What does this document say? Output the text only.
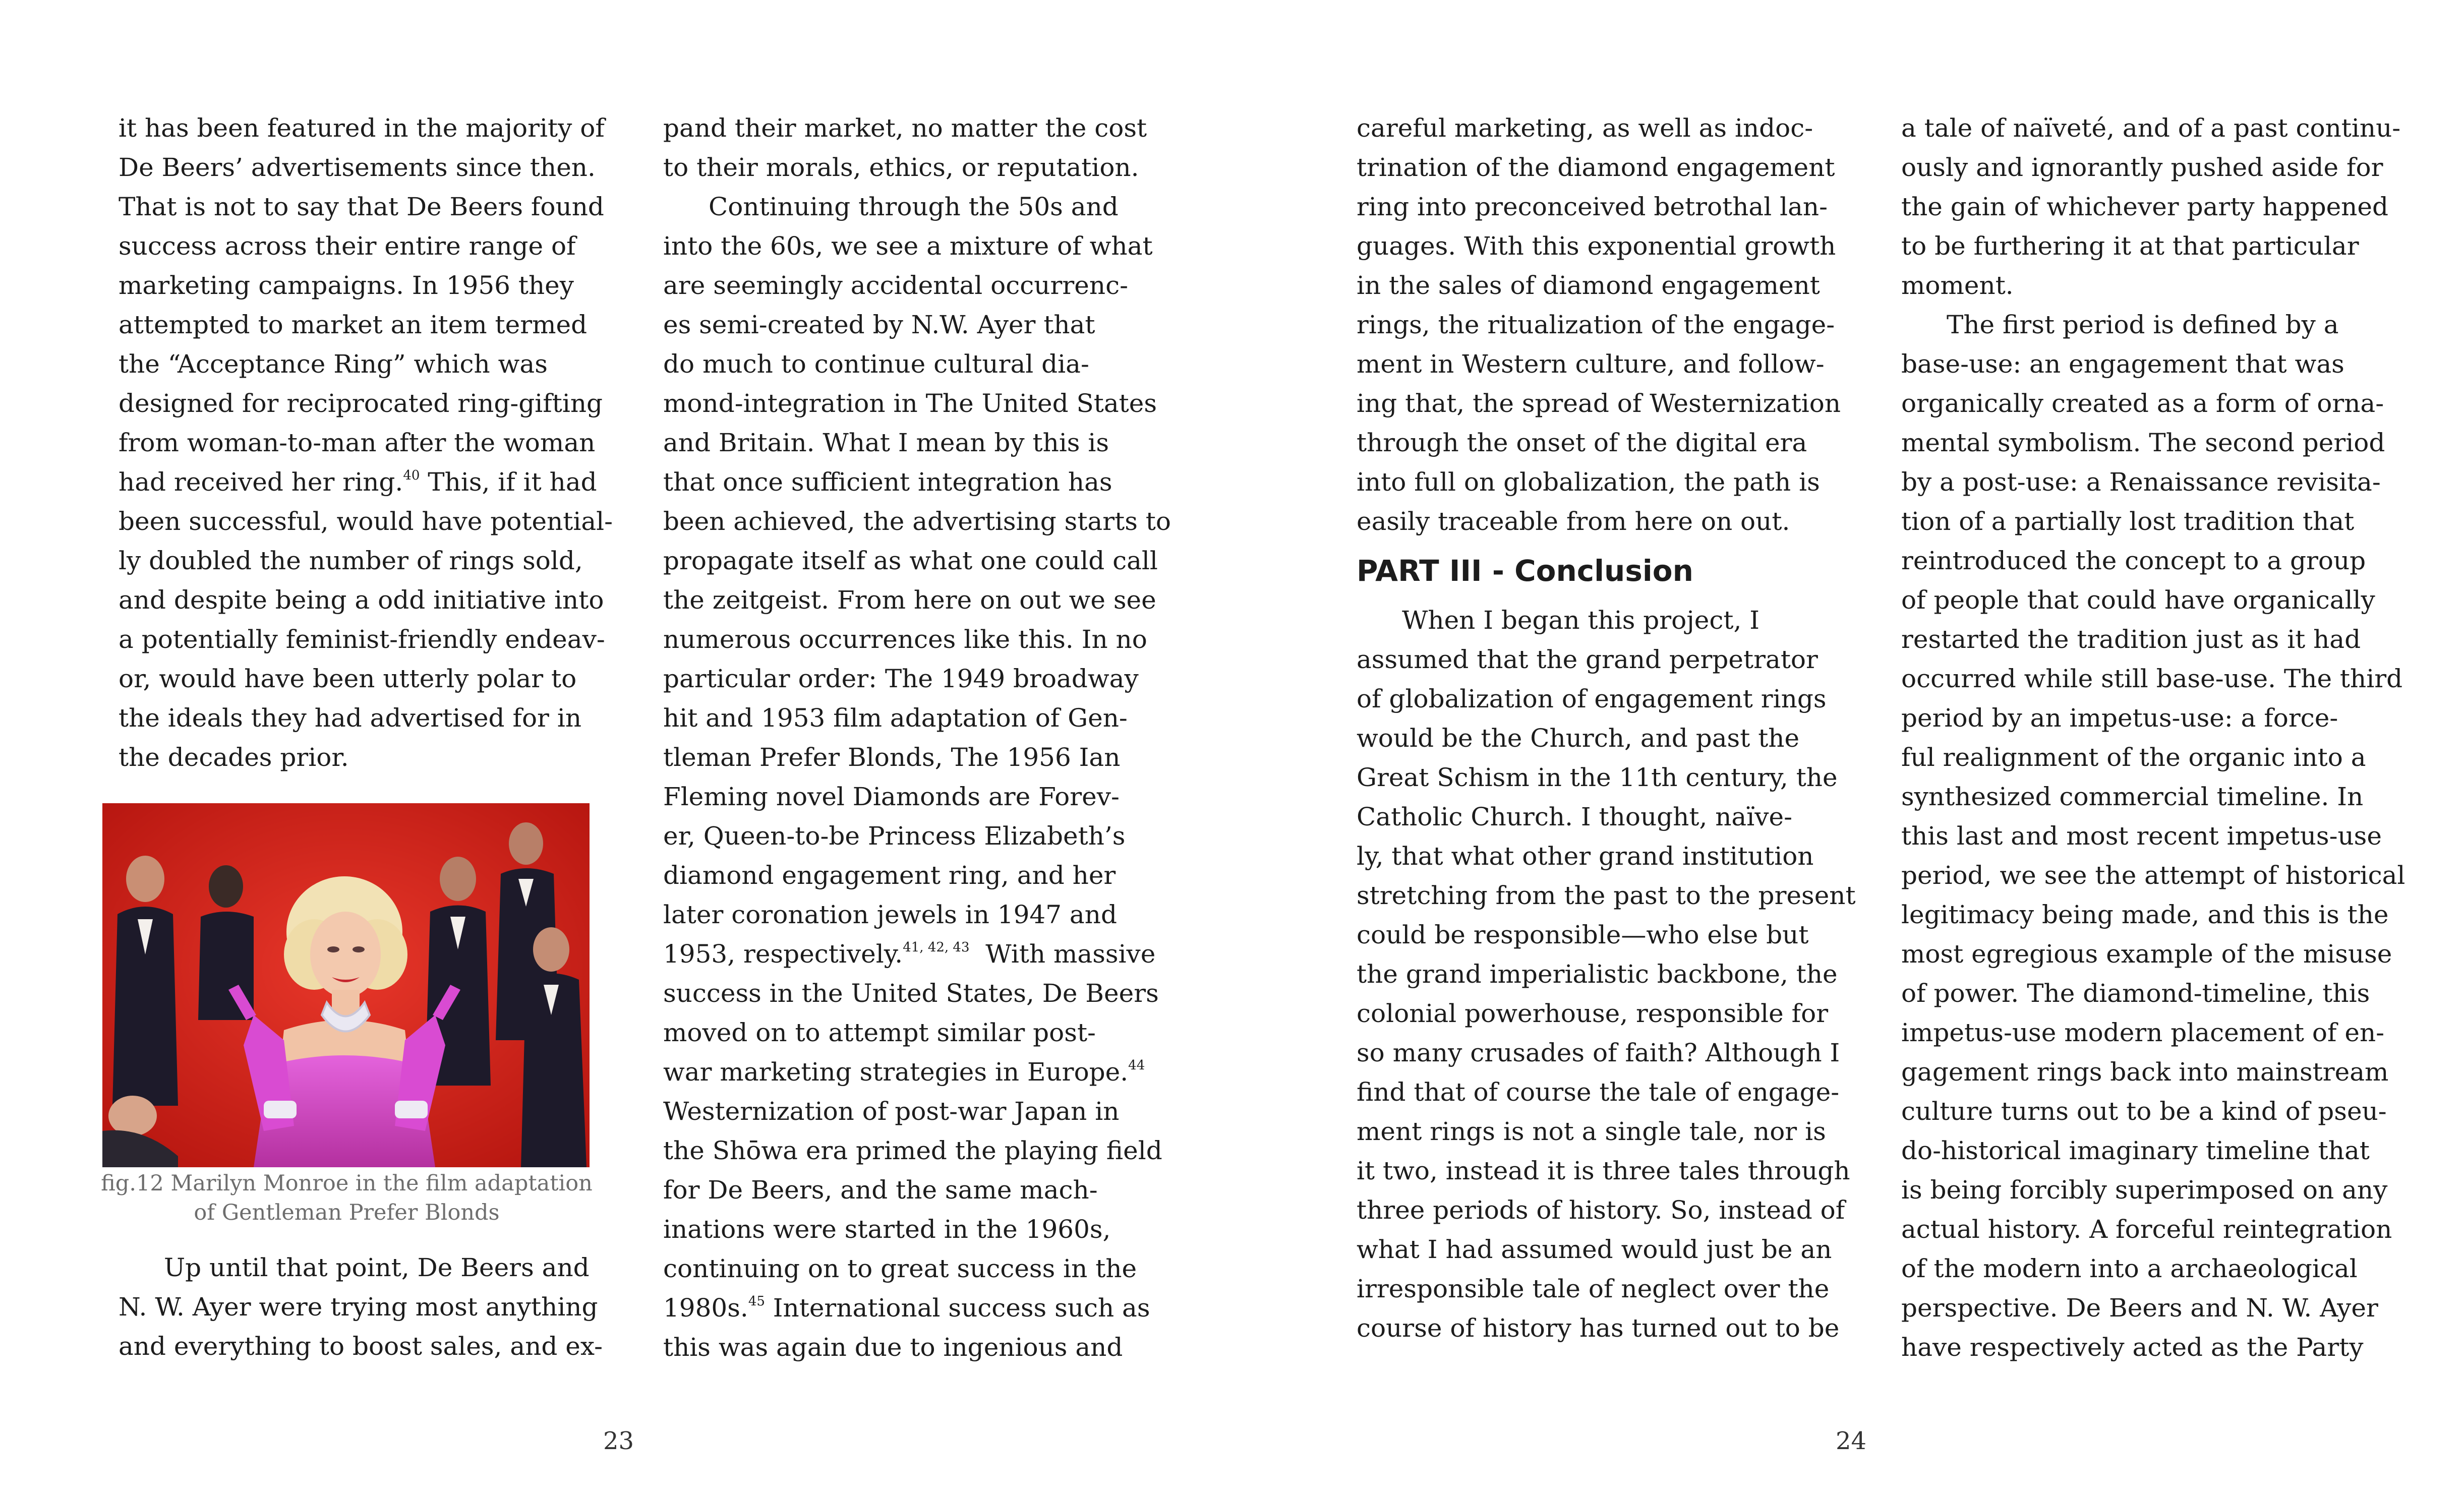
it has been featured in the majority of
De Beers’ advertisements since then.
That is not to say that De Beers found
success across their entire range of
marketing campaigns. In 1956 they
attempted to market an item termed
the “Acceptance Ring” which was
designed for reciprocated ring-gifting
from woman-to-man after the woman
had received her ring.$^{40}$ This, if it had
been successful, would have potential-
ly doubled the number of rings sold,
and despite being a odd initiative into
a potentially feminist-friendly endeav-
or, would have been utterly polar to
the ideals they had advertised for in
the decades prior.

fig.12 Marilyn Monroe in the film adaptation
of Gentleman Prefer Blonds

Up until that point, De Beers and
N. W. Ayer were trying most anything
and everything to boost sales, and ex-

pand their market, no matter the cost
to their morals, ethics, or reputation.

Continuing through the 50s and
into the 60s, we see a mixture of what
are seemingly accidental occurrenc-
es semi-created by N.W. Ayer that
do much to continue cultural dia-
mond-integration in The United States
and Britain. What I mean by this is
that once sufficient integration has
been achieved, the advertising starts to
propagate itself as what one could call
the zeitgeist. From here on out we see
numerous occurrences like this. In no
particular order: The 1949 broadway
hit and 1953 film adaptation of Gen-
tleman Prefer Blonds, The 1956 Ian
Fleming novel Diamonds are Forev-
er, Queen-to-be Princess Elizabeth’s
diamond engagement ring, and her
later coronation jewels in 1947 and
1953, respectively.$^{41, 42, 43}$  With massive
success in the United States, De Beers
moved on to attempt similar post-
war marketing strategies in Europe.$^{44}$
Westernization of post-war Japan in
the Shōwa era primed the playing field
for De Beers, and the same mach-
inations were started in the 1960s,
continuing on to great success in the
1980s.$^{45}$ International success such as
this was again due to ingenious and

careful marketing, as well as indoc-
trination of the diamond engagement
ring into preconceived betrothal lan-
guages. With this exponential growth
in the sales of diamond engagement
rings, the ritualization of the engage-
ment in Western culture, and follow-
ing that, the spread of Westernization
through the onset of the digital era
into full on globalization, the path is
easily traceable from here on out.

PART III - Conclusion

When I began this project, I
assumed that the grand perpetrator
of globalization of engagement rings
would be the Church, and past the
Great Schism in the 11th century, the
Catholic Church. I thought, naïve-
ly, that what other grand institution
stretching from the past to the present
could be responsible—who else but
the grand imperialistic backbone, the
colonial powerhouse, responsible for
so many crusades of faith? Although I
find that of course the tale of engage-
ment rings is not a single tale, nor is
it two, instead it is three tales through
three periods of history. So, instead of
what I had assumed would just be an
irresponsible tale of neglect over the
course of history has turned out to be

a tale of naïveté, and of a past continu-
ously and ignorantly pushed aside for
the gain of whichever party happened
to be furthering it at that particular
moment.

The first period is defined by a
base-use: an engagement that was
organically created as a form of orna-
mental symbolism. The second period
by a post-use: a Renaissance revisita-
tion of a partially lost tradition that
reintroduced the concept to a group
of people that could have organically
restarted the tradition just as it had
occurred while still base-use. The third
period by an impetus-use: a force-
ful realignment of the organic into a
synthesized commercial timeline. In
this last and most recent impetus-use
period, we see the attempt of historical
legitimacy being made, and this is the
most egregious example of the misuse
of power. The diamond-timeline, this
impetus-use modern placement of en-
gagement rings back into mainstream
culture turns out to be a kind of pseu-
do-historical imaginary timeline that
is being forcibly superimposed on any
actual history. A forceful reintegration
of the modern into a archaeological
perspective. De Beers and N. W. Ayer
have respectively acted as the Party

23	24
